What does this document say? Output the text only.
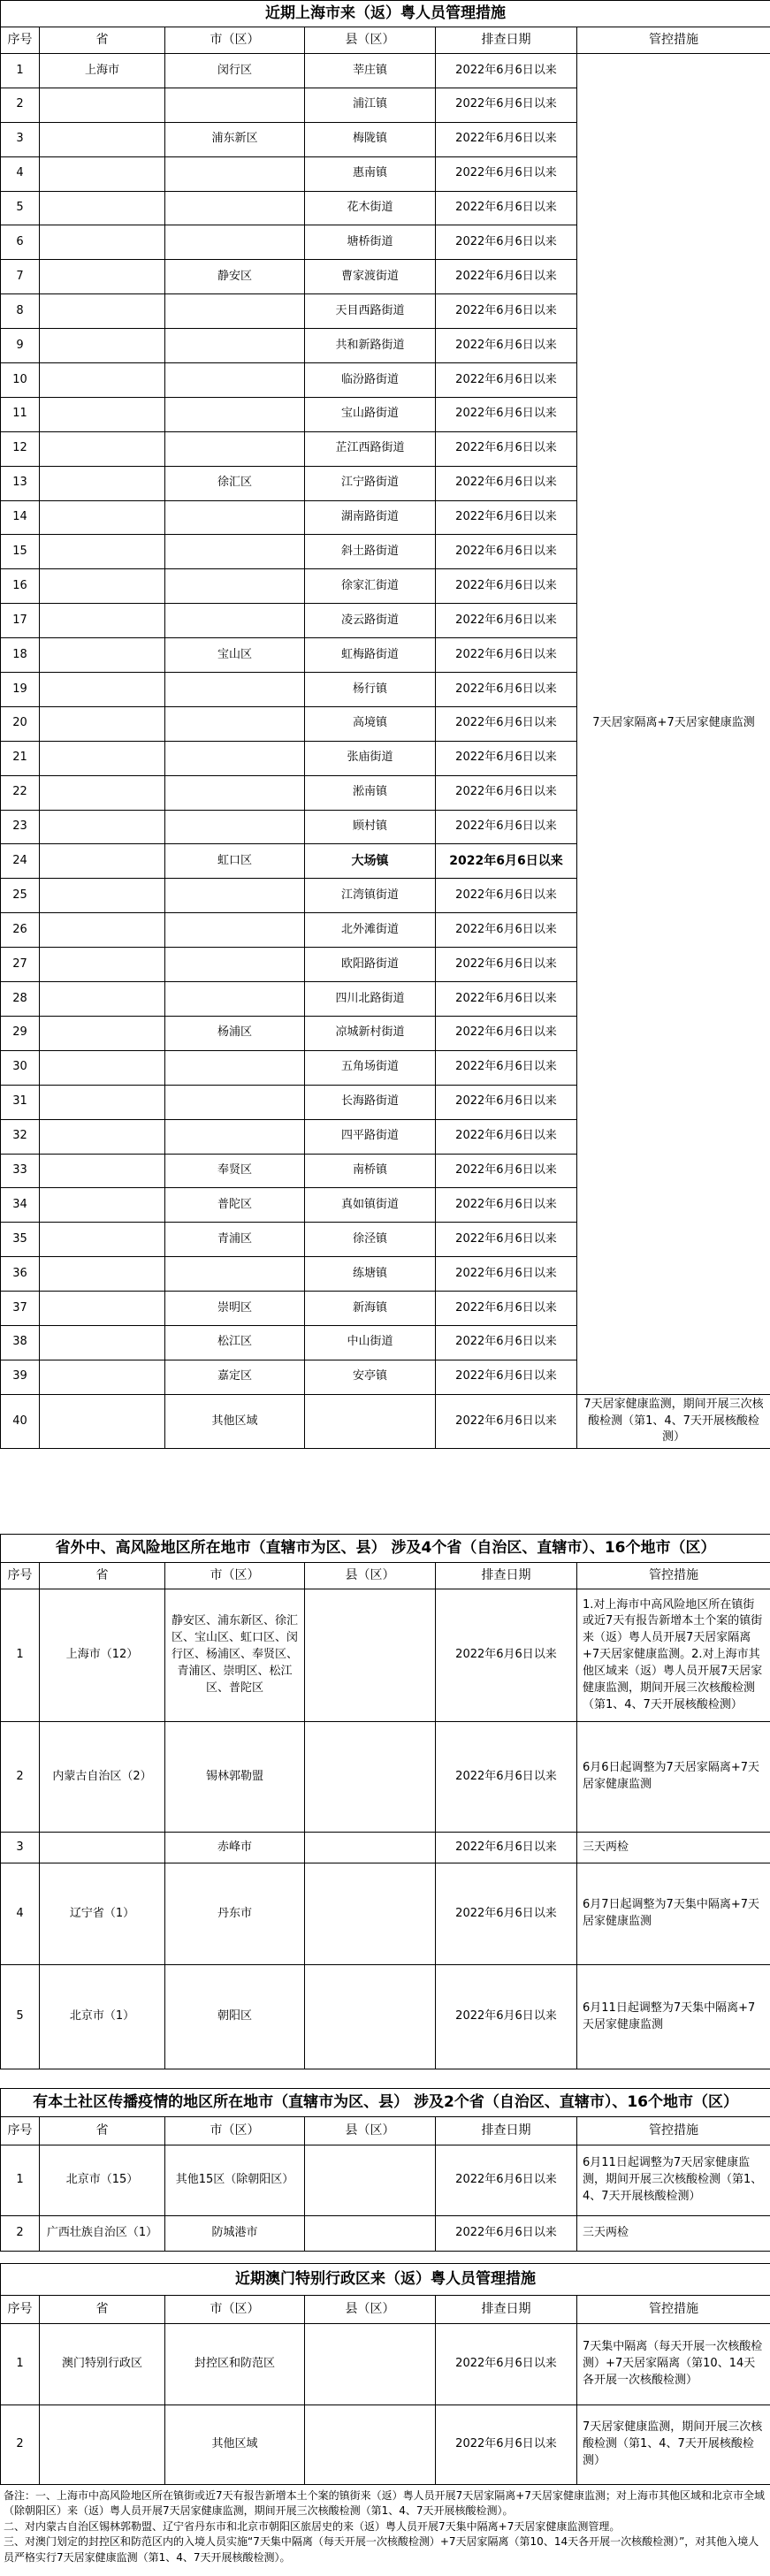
近期上海市来（返）粤人员管理措施					
序号	省	市（区）	县（区）	排查日期	管控措施
1	上海市	闵行区	莘庄镇	2022年6月6日以来	7天居家隔离+7天居家健康监测
2			浦江镇	2022年6月6日以来	
3		浦东新区	梅陇镇	2022年6月6日以来	
4			惠南镇	2022年6月6日以来	
5			花木街道	2022年6月6日以来	
6			塘桥街道	2022年6月6日以来	
7		静安区	曹家渡街道	2022年6月6日以来	
8			天目西路街道	2022年6月6日以来	
9			共和新路街道	2022年6月6日以来	
10			临汾路街道	2022年6月6日以来	
11			宝山路街道	2022年6月6日以来	
12			芷江西路街道	2022年6月6日以来	
13		徐汇区	江宁路街道	2022年6月6日以来	
14			湖南路街道	2022年6月6日以来	
15			斜土路街道	2022年6月6日以来	
16			徐家汇街道	2022年6月6日以来	
17			凌云路街道	2022年6月6日以来	
18		宝山区	虹梅路街道	2022年6月6日以来	
19			杨行镇	2022年6月6日以来	
20			高境镇	2022年6月6日以来	
21			张庙街道	2022年6月6日以来	
22			淞南镇	2022年6月6日以来	
23			顾村镇	2022年6月6日以来	
24		虹口区	大场镇	2022年6月6日以来	
25			江湾镇街道	2022年6月6日以来	
26			北外滩街道	2022年6月6日以来	
27			欧阳路街道	2022年6月6日以来	
28			四川北路街道	2022年6月6日以来	
29		杨浦区	凉城新村街道	2022年6月6日以来	
30			五角场街道	2022年6月6日以来	
31			长海路街道	2022年6月6日以来	
32			四平路街道	2022年6月6日以来	
33		奉贤区	南桥镇	2022年6月6日以来	
34		普陀区	真如镇街道	2022年6月6日以来	
35		青浦区	徐泾镇	2022年6月6日以来	
36			练塘镇	2022年6月6日以来	
37		崇明区	新海镇	2022年6月6日以来	
38		松江区	中山街道	2022年6月6日以来	
39		嘉定区	安亭镇	2022年6月6日以来	
40		其他区域		2022年6月6日以来	7天居家健康监测，期间开展三次核酸检测（第1、4、7天开展核酸检测）
省外中、高风险地区所在地市（直辖市为区、县） 涉及4个省（自治区、直辖市）、16个地市（区）					
序号	省	市（区）	县（区）	排查日期	管控措施
1	上海市（12）	静安区、浦东新区、徐汇区、宝山区、虹口区、闵行区、杨浦区、奉贤区、青浦区、崇明区、松江区、普陀区		2022年6月6日以来	1.对上海市中高风险地区所在镇街或近7天有报告新增本土个案的镇街来（返）粤人员开展7天居家隔离+7天居家健康监测。2.对上海市其他区域来（返）粤人员开展7天居家健康监测，期间开展三次核酸检测（第1、4、7天开展核酸检测）
2	内蒙古自治区（2）	锡林郭勒盟		2022年6月6日以来	6月6日起调整为7天居家隔离+7天居家健康监测
3		赤峰市		2022年6月6日以来	三天两检
4	辽宁省（1）	丹东市		2022年6月6日以来	6月7日起调整为7天集中隔离+7天居家健康监测
5	北京市（1）	朝阳区		2022年6月6日以来	6月11日起调整为7天集中隔离+7天居家健康监测
有本土社区传播疫情的地区所在地市（直辖市为区、县） 涉及2个省（自治区、直辖市）、16个地市（区）					
序号	省	市（区）	县（区）	排查日期	管控措施
1	北京市（15）	其他15区（除朝阳区）		2022年6月6日以来	6月11日起调整为7天居家健康监测，期间开展三次核酸检测（第1、4、7天开展核酸检测）
2	广西壮族自治区（1）	防城港市		2022年6月6日以来	三天两检
近期澳门特别行政区来（返）粤人员管理措施					
序号	省	市（区）	县（区）	排查日期	管控措施
1	澳门特别行政区	封控区和防范区		2022年6月6日以来	7天集中隔离（每天开展一次核酸检测）+7天居家隔离（第10、14天各开展一次核酸检测）
2		其他区域		2022年6月6日以来	7天居家健康监测，期间开展三次核酸检测（第1、4、7天开展核酸检测）
备注：一、上海市中高风险地区所在镇街或近7天有报告新增本土个案的镇街来（返）粤人员开展7天居家隔离+7天居家健康监测；对上海市其他区域和北京市全域（除朝阳区）来（返）粤人员开展7天居家健康监测，期间开展三次核酸检测（第1、4、7天开展核酸检测）。
二、对内蒙古自治区锡林郭勒盟、辽宁省丹东市和北京市朝阳区旅居史的来（返）粤人员开展7天集中隔离+7天居家健康监测管理。
三、对澳门划定的封控区和防范区内的入境人员实施“7天集中隔离（每天开展一次核酸检测）+7天居家隔离（第10、14天各开展一次核酸检测）”，对其他入境人员严格实行7天居家健康监测（第1、4、7天开展核酸检测）。
